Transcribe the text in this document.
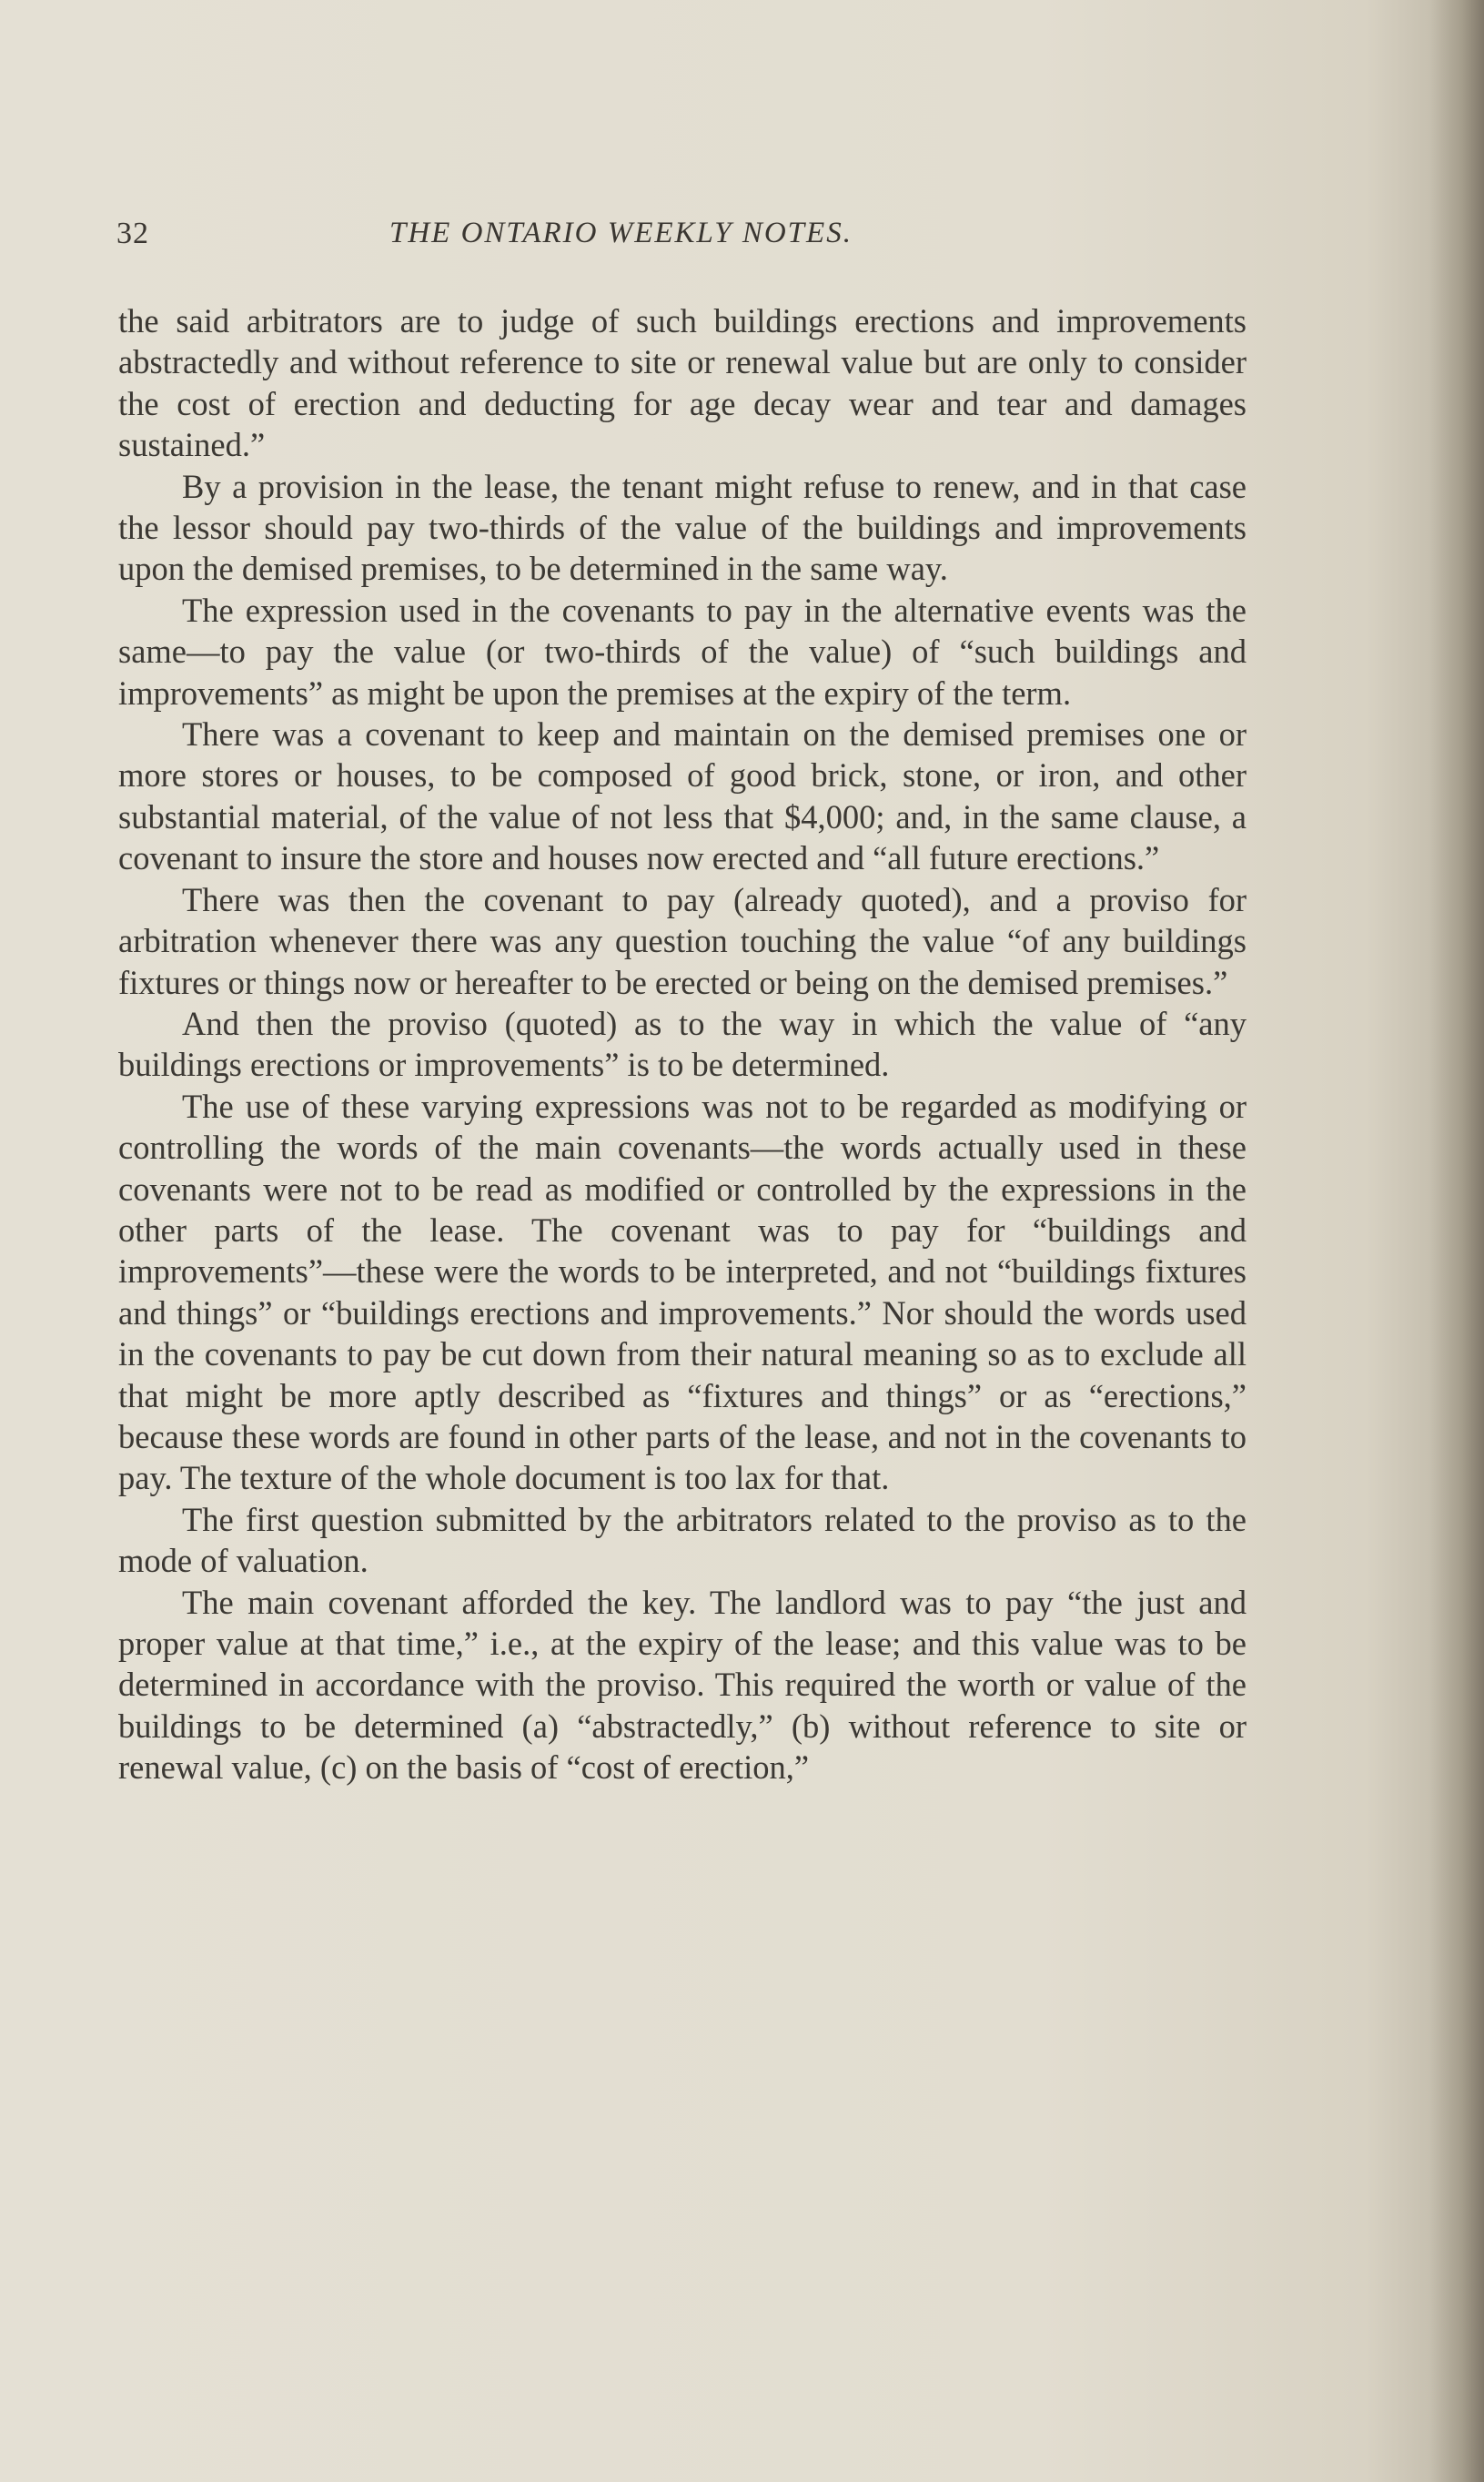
32	THE ONTARIO WEEKLY NOTES.

the said arbitrators are to judge of such buildings erections and improvements abstractedly and without reference to site or renewal value but are only to consider the cost of erection and deducting for age decay wear and tear and damages sustained.”

By a provision in the lease, the tenant might refuse to renew, and in that case the lessor should pay two-thirds of the value of the buildings and improvements upon the demised premises, to be determined in the same way.

The expression used in the covenants to pay in the alternative events was the same—to pay the value (or two-thirds of the value) of “such buildings and improvements” as might be upon the premises at the expiry of the term.

There was a covenant to keep and maintain on the demised premises one or more stores or houses, to be composed of good brick, stone, or iron, and other substantial material, of the value of not less that $4,000; and, in the same clause, a covenant to insure the store and houses now erected and “all future erections.”

There was then the covenant to pay (already quoted), and a proviso for arbitration whenever there was any question touching the value “of any buildings fixtures or things now or hereafter to be erected or being on the demised premises.”

And then the proviso (quoted) as to the way in which the value of “any buildings erections or improvements” is to be determined.

The use of these varying expressions was not to be regarded as modifying or controlling the words of the main covenants—the words actually used in these covenants were not to be read as modified or controlled by the expressions in the other parts of the lease. The covenant was to pay for “buildings and improvements”—these were the words to be interpreted, and not “buildings fixtures and things” or “buildings erections and improvements.” Nor should the words used in the covenants to pay be cut down from their natural meaning so as to exclude all that might be more aptly described as “fixtures and things” or as “erections,” because these words are found in other parts of the lease, and not in the covenants to pay. The texture of the whole document is too lax for that.

The first question submitted by the arbitrators related to the proviso as to the mode of valuation.

The main covenant afforded the key. The landlord was to pay “the just and proper value at that time,” i.e., at the expiry of the lease; and this value was to be determined in accordance with the proviso. This required the worth or value of the buildings to be determined (a) “abstractedly,” (b) without reference to site or renewal value, (c) on the basis of “cost of erection,”
